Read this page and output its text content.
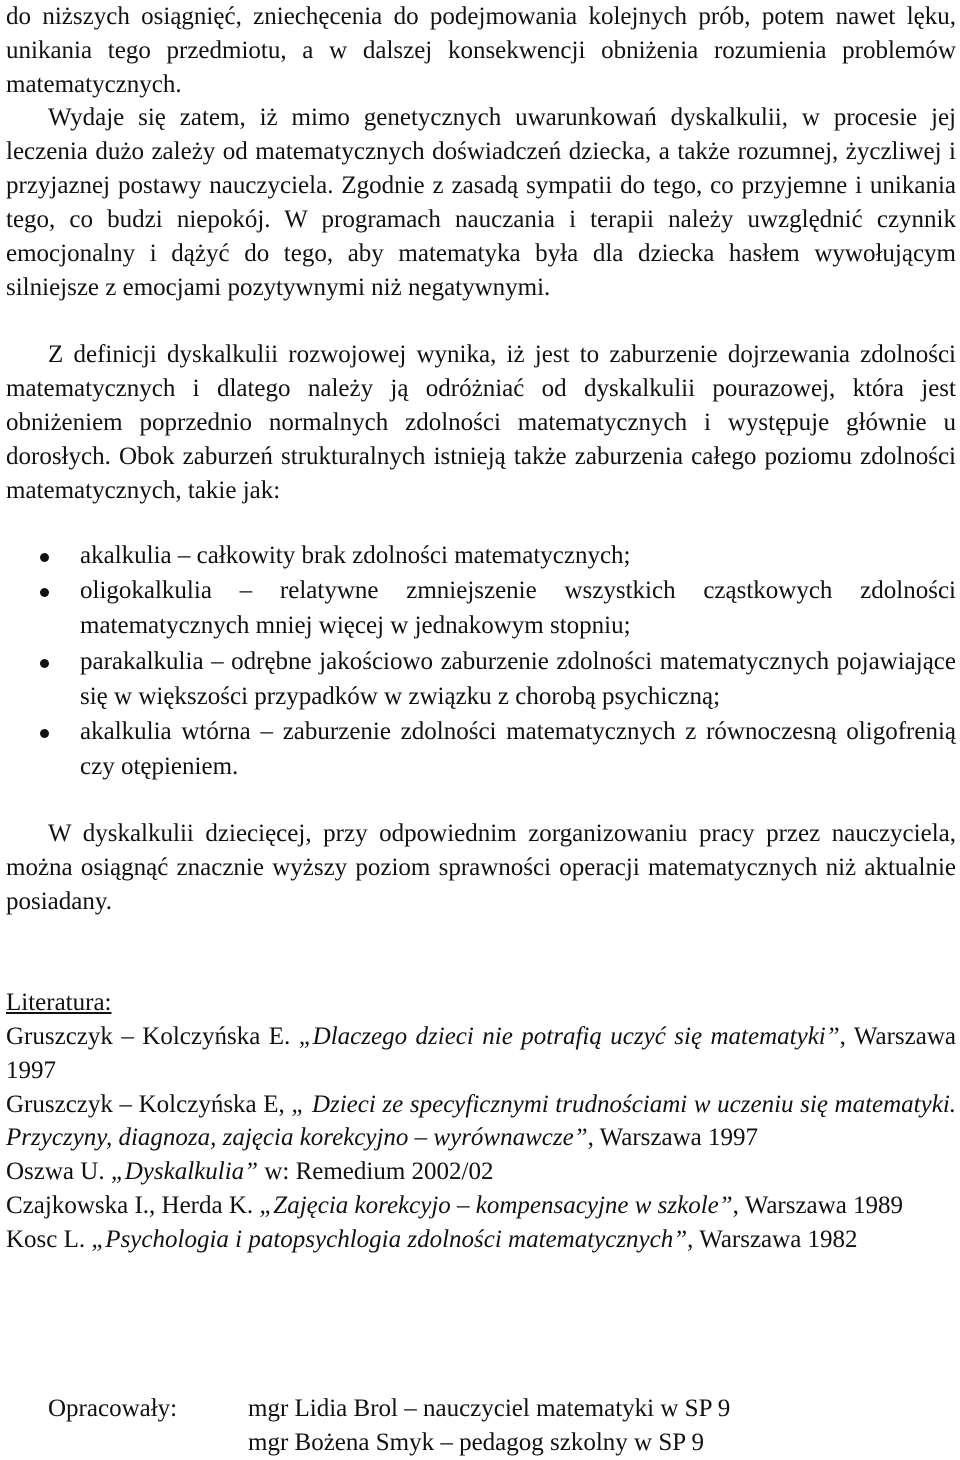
do niższych osiągnięć, zniechęcenia do podejmowania kolejnych prób, potem nawet lęku, unikania tego przedmiotu, a w dalszej konsekwencji obniżenia rozumienia problemów matematycznych.

Wydaje się zatem, iż mimo genetycznych uwarunkowań dyskalkulii, w procesie jej leczenia dużo zależy od matematycznych doświadczeń dziecka, a także rozumnej, życzliwej i przyjaznej postawy nauczyciela. Zgodnie z zasadą sympatii do tego, co przyjemne i unikania tego, co budzi niepokój. W programach nauczania i terapii należy uwzględnić czynnik emocjonalny i dążyć do tego, aby matematyka była dla dziecka hasłem wywołującym silniejsze z emocjami pozytywnymi niż negatywnymi.

Z definicji dyskalkulii rozwojowej wynika, iż jest to zaburzenie dojrzewania zdolności matematycznych i dlatego należy ją odróżniać od dyskalkulii pourazowej, która jest obniżeniem poprzednio normalnych zdolności matematycznych i występuje głównie u dorosłych. Obok zaburzeń strukturalnych istnieją także zaburzenia całego poziomu zdolności matematycznych, takie jak:

akalkulia – całkowity brak zdolności matematycznych;
oligokalkulia – relatywne zmniejszenie wszystkich cząstkowych zdolności matematycznych mniej więcej w jednakowym stopniu;
parakalkulia – odrębne jakościowo zaburzenie zdolności matematycznych pojawiające się w większości przypadków w związku z chorobą psychiczną;
akalkulia wtórna – zaburzenie zdolności matematycznych z równoczesną oligofrenią czy otępieniem.

W dyskalkulii dziecięcej, przy odpowiednim zorganizowaniu pracy przez nauczyciela, można osiągnąć znacznie wyższy poziom sprawności operacji matematycznych niż aktualnie posiadany.

Literatura:

Gruszczyk – Kolczyńska E. „Dlaczego dzieci nie potrafią uczyć się matematyki”, Warszawa 1997

Gruszczyk – Kolczyńska E, „ Dzieci ze specyficznymi trudnościami w uczeniu się matematyki. Przyczyny, diagnoza, zajęcia korekcyjno – wyrównawcze”, Warszawa 1997

Oszwa U. „Dyskalkulia” w: Remedium 2002/02

Czajkowska I., Herda K. „Zajęcia korekcyjo – kompensacyjne w szkole”, Warszawa 1989

Kosc L. „Psychologia i patopsychlogia zdolności matematycznych”, Warszawa 1982

Opracowały:	mgr Lidia Brol – nauczyciel matematyki w SP 9
mgr Bożena Smyk – pedagog szkolny w SP 9
